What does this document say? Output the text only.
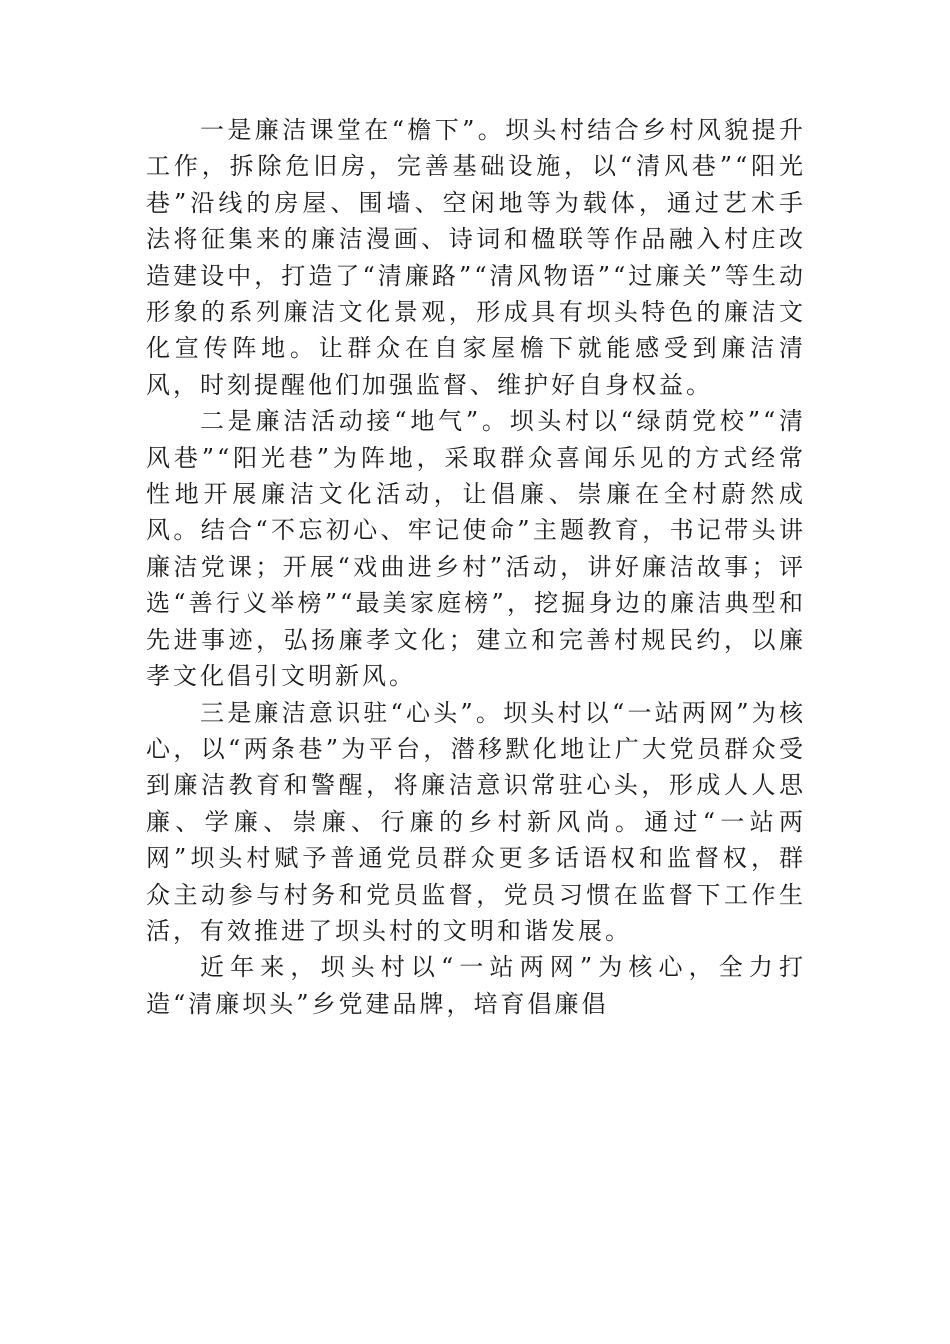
一是廉洁课堂在“檐下”。坝头村结合乡村风貌提升工作，拆除危旧房，完善基础设施，以“清风巷”“阳光巷”沿线的房屋、围墙、空闲地等为载体，通过艺术手法将征集来的廉洁漫画、诗词和楹联等作品融入村庄改造建设中，打造了“清廉路”“清风物语”“过廉关”等生动形象的系列廉洁文化景观，形成具有坝头特色的廉洁文化宣传阵地。让群众在自家屋檐下就能感受到廉洁清风，时刻提醒他们加强监督、维护好自身权益。

二是廉洁活动接“地气”。坝头村以“绿荫党校”“清风巷”“阳光巷”为阵地，采取群众喜闻乐见的方式经常性地开展廉洁文化活动，让倡廉、崇廉在全村蔚然成风。结合“不忘初心、牢记使命”主题教育，书记带头讲廉洁党课；开展“戏曲进乡村”活动，讲好廉洁故事；评选“善行义举榜”“最美家庭榜”，挖掘身边的廉洁典型和先进事迹，弘扬廉孝文化；建立和完善村规民约，以廉孝文化倡引文明新风。

三是廉洁意识驻“心头”。坝头村以“一站两网”为核心，以“两条巷”为平台，潜移默化地让广大党员群众受到廉洁教育和警醒，将廉洁意识常驻心头，形成人人思廉、学廉、崇廉、行廉的乡村新风尚。通过“一站两网”坝头村赋予普通党员群众更多话语权和监督权，群众主动参与村务和党员监督，党员习惯在监督下工作生活，有效推进了坝头村的文明和谐发展。

近年来，坝头村以“一站两网”为核心，全力打造“清廉坝头”乡党建品牌，培育倡廉倡
